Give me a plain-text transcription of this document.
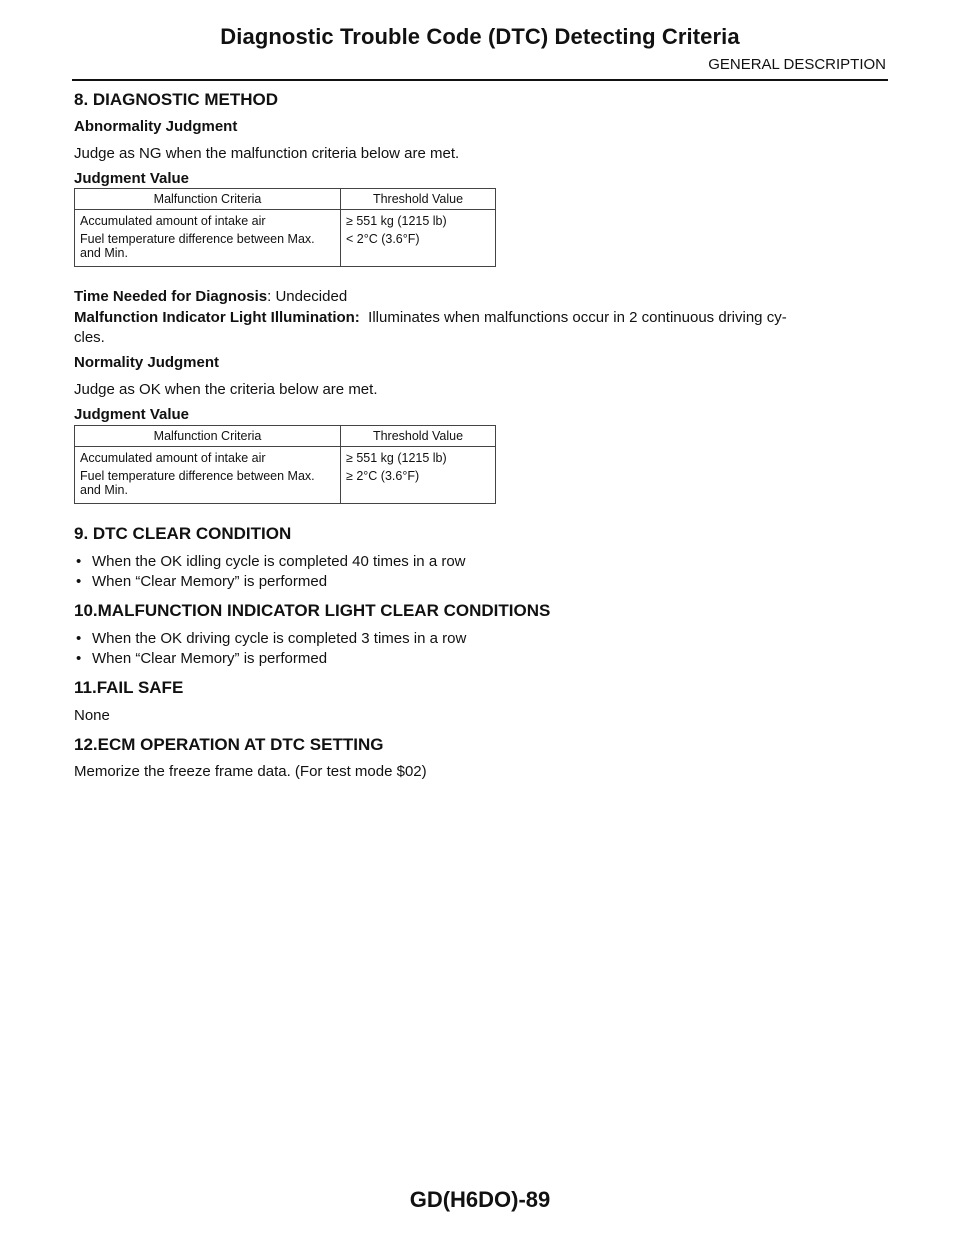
Diagnostic Trouble Code (DTC) Detecting Criteria
GENERAL DESCRIPTION
8. DIAGNOSTIC METHOD
Abnormality Judgment
Judge as NG when the malfunction criteria below are met.
Judgment Value
Malfunction Criteria	Threshold Value
Accumulated amount of intake air	≥ 551 kg (1215 lb)
Fuel temperature difference between Max. and Min.	< 2°C (3.6°F)
Time Needed for Diagnosis: Undecided
Malfunction Indicator Light Illumination:  Illuminates when malfunctions occur in 2 continuous driving cy-
cles.
Normality Judgment
Judge as OK when the criteria below are met.
Judgment Value
Malfunction Criteria	Threshold Value
Accumulated amount of intake air	≥ 551 kg (1215 lb)
Fuel temperature difference between Max. and Min.	≥ 2°C (3.6°F)
9. DTC CLEAR CONDITION
• When the OK idling cycle is completed 40 times in a row
• When “Clear Memory” is performed
10.MALFUNCTION INDICATOR LIGHT CLEAR CONDITIONS
• When the OK driving cycle is completed 3 times in a row
• When “Clear Memory” is performed
11.FAIL SAFE
None
12.ECM OPERATION AT DTC SETTING
Memorize the freeze frame data. (For test mode $02)
GD(H6DO)-89
